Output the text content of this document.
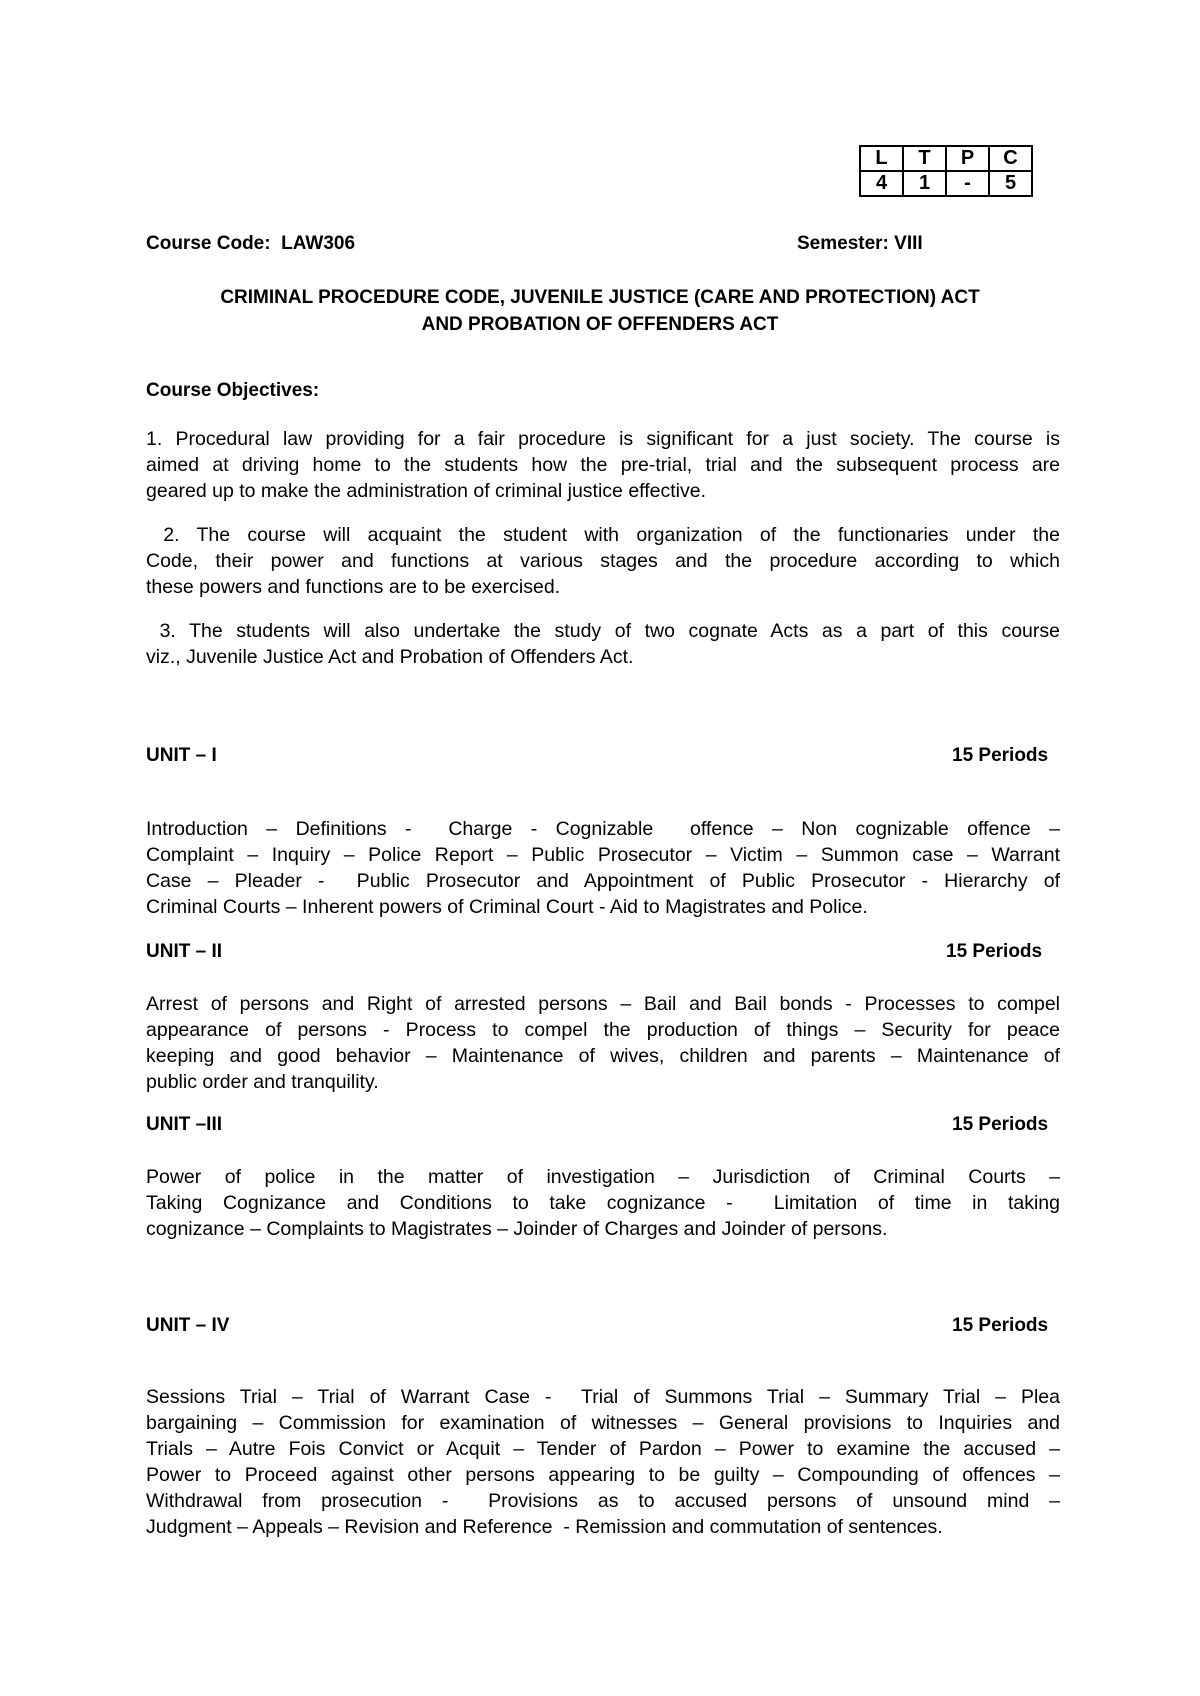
L	T	P	C
4	1	-	5
Course Code:  LAW306	Semester: VIII
CRIMINAL PROCEDURE CODE, JUVENILE JUSTICE (CARE AND PROTECTION) ACT
AND PROBATION OF OFFENDERS ACT
Course Objectives:
1. Procedural law providing for a fair procedure is significant for a just society. The course is
aimed at driving home to the students how the pre-trial, trial and the subsequent process are
geared up to make the administration of criminal justice effective.
2. The course will acquaint the student with organization of the functionaries under the
Code, their power and functions at various stages and the procedure according to which
these powers and functions are to be exercised.
3. The students will also undertake the study of two cognate Acts as a part of this course
viz., Juvenile Justice Act and Probation of Offenders Act.
UNIT – I	15 Periods
Introduction – Definitions -  Charge - Cognizable  offence – Non cognizable offence –
Complaint – Inquiry – Police Report – Public Prosecutor – Victim – Summon case – Warrant
Case – Pleader -  Public Prosecutor and Appointment of Public Prosecutor - Hierarchy of
Criminal Courts – Inherent powers of Criminal Court - Aid to Magistrates and Police.
UNIT – II	15 Periods
Arrest of persons and Right of arrested persons – Bail and Bail bonds - Processes to compel
appearance of persons - Process to compel the production of things – Security for peace
keeping and good behavior – Maintenance of wives, children and parents – Maintenance of
public order and tranquility.
UNIT –III	15 Periods
Power of police in the matter of investigation – Jurisdiction of Criminal Courts –
Taking Cognizance and Conditions to take cognizance -  Limitation of time in taking
cognizance – Complaints to Magistrates – Joinder of Charges and Joinder of persons.
UNIT – IV	15 Periods
Sessions Trial – Trial of Warrant Case -  Trial of Summons Trial – Summary Trial – Plea
bargaining – Commission for examination of witnesses – General provisions to Inquiries and
Trials – Autre Fois Convict or Acquit – Tender of Pardon – Power to examine the accused –
Power to Proceed against other persons appearing to be guilty – Compounding of offences –
Withdrawal from prosecution -  Provisions as to accused persons of unsound mind –
Judgment – Appeals – Revision and Reference  - Remission and commutation of sentences.
